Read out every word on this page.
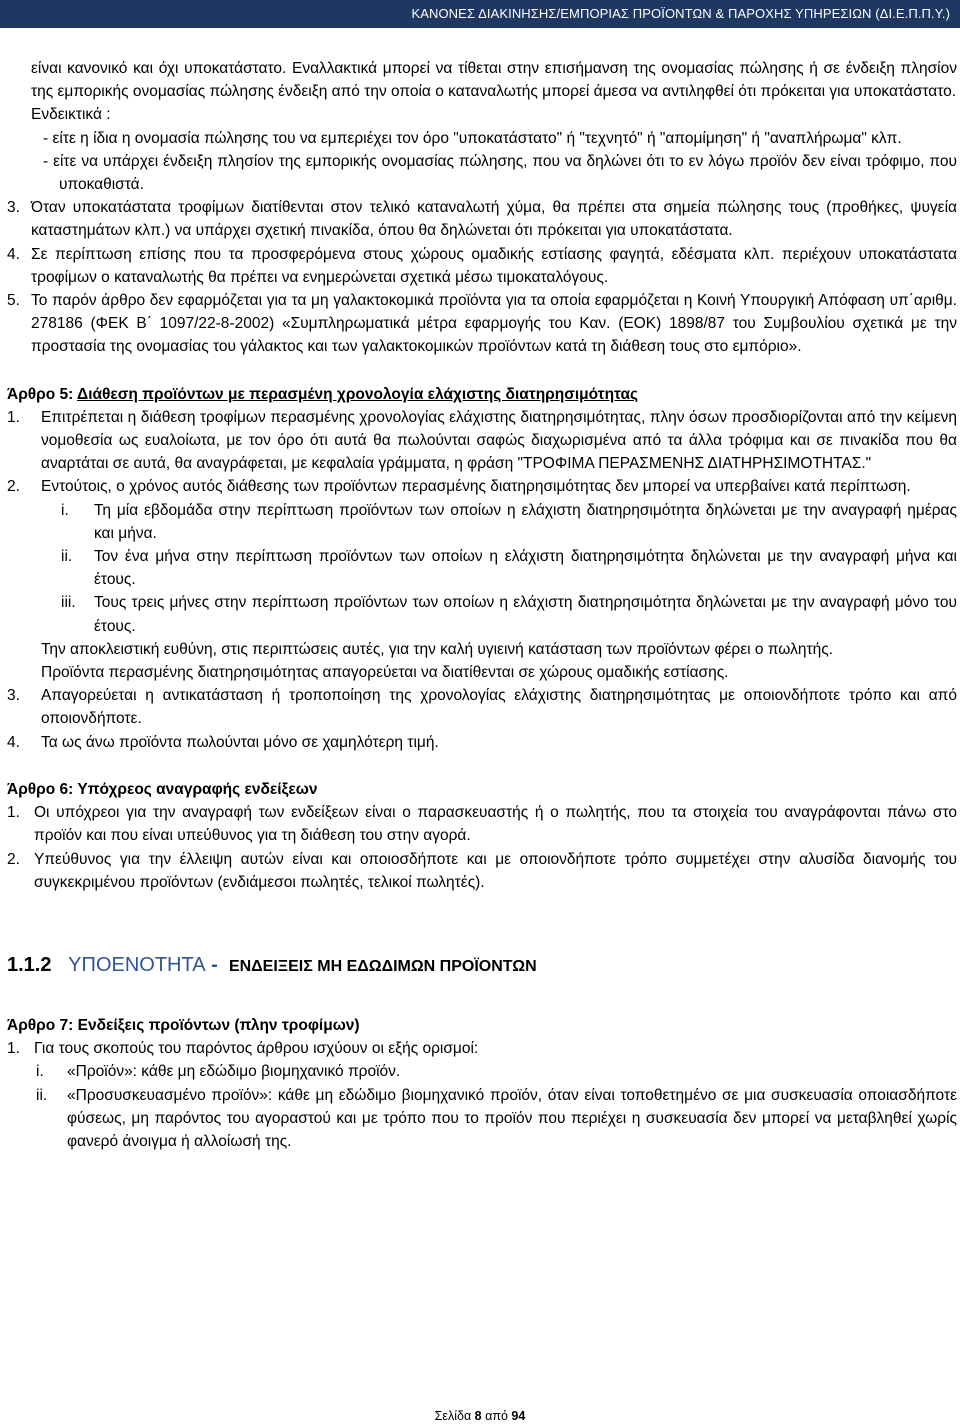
ΚΑΝΟΝΕΣ ΔΙΑΚΙΝΗΣΗΣ/ΕΜΠΟΡΙΑΣ ΠΡΟΪΟΝΤΩΝ & ΠΑΡΟΧΗΣ ΥΠΗΡΕΣΙΩΝ (ΔΙ.Ε.Π.Π.Υ.)

είναι κανονικό και όχι υποκατάστατο. Εναλλακτικά μπορεί να τίθεται στην επισήμανση της ονομασίας πώλησης ή σε ένδειξη πλησίον της εμπορικής ονομασίας πώλησης ένδειξη από την οποία ο καταναλωτής μπορεί άμεσα να αντιληφθεί ότι πρόκειται για υποκατάστατο.

Ενδεικτικά :

- είτε η ίδια η ονομασία πώλησης του να εμπεριέχει τον όρο "υποκατάστατο" ή "τεχνητό" ή "απομίμηση" ή "αναπλήρωμα" κλπ.

- είτε να υπάρχει ένδειξη πλησίον της εμπορικής ονομασίας πώλησης, που να δηλώνει ότι το εν λόγω προϊόν δεν είναι τρόφιμο, που υποκαθιστά.

3. Όταν υποκατάστατα τροφίμων διατίθενται στον τελικό καταναλωτή χύμα, θα πρέπει στα σημεία πώλησης τους (προθήκες, ψυγεία καταστημάτων κλπ.) να υπάρχει σχετική πινακίδα, όπου θα δηλώνεται ότι πρόκειται για υποκατάστατα.
4. Σε περίπτωση επίσης που τα προσφερόμενα στους χώρους ομαδικής εστίασης φαγητά, εδέσματα κλπ. περιέχουν υποκατάστατα τροφίμων ο καταναλωτής θα πρέπει να ενημερώνεται σχετικά μέσω τιμοκαταλόγους.
5. Το παρόν άρθρο δεν εφαρμόζεται για τα μη γαλακτοκομικά προϊόντα για τα οποία εφαρμόζεται η Κοινή Υπουργική Απόφαση υπ΄αριθμ. 278186 (ΦΕΚ Β΄ 1097/22-8-2002) «Συμπληρωματικά μέτρα εφαρμογής του Καν. (ΕΟΚ) 1898/87 του Συμβουλίου σχετικά με την προστασία της ονομασίας του γάλακτος και των γαλακτοκομικών προϊόντων κατά τη διάθεση τους στο εμπόριο».

Άρθρο 5: Διάθεση προϊόντων με περασμένη χρονολογία ελάχιστης διατηρησιμότητας

1. Επιτρέπεται η διάθεση τροφίμων περασμένης χρονολογίας ελάχιστης διατηρησιμότητας, πλην όσων προσδιορίζονται από την κείμενη νομοθεσία ως ευαλοίωτα, με τον όρο ότι αυτά θα πωλούνται σαφώς διαχωρισμένα από τα άλλα τρόφιμα και σε πινακίδα που θα αναρτάται σε αυτά, θα αναγράφεται, με κεφαλαία γράμματα, η φράση "ΤΡΟΦΙΜΑ ΠΕΡΑΣΜΕΝΗΣ ΔΙΑΤΗΡΗΣΙΜΟΤΗΤΑΣ."
2. Εντούτοις, ο χρόνος αυτός διάθεσης των προϊόντων περασμένης διατηρησιμότητας δεν μπορεί να υπερβαίνει κατά περίπτωση.
i. Τη μία εβδομάδα στην περίπτωση προϊόντων των οποίων η ελάχιστη διατηρησιμότητα δηλώνεται με την αναγραφή ημέρας και μήνα.
ii. Τον ένα μήνα στην περίπτωση προϊόντων των οποίων η ελάχιστη διατηρησιμότητα δηλώνεται με την αναγραφή μήνα και έτους.
iii. Τους τρεις μήνες στην περίπτωση προϊόντων των οποίων η ελάχιστη διατηρησιμότητα δηλώνεται με την αναγραφή μόνο του έτους.

Την αποκλειστική ευθύνη, στις περιπτώσεις αυτές, για την καλή υγιεινή κατάσταση των προϊόντων φέρει ο πωλητής.

Προϊόντα περασμένης διατηρησιμότητας απαγορεύεται να διατίθενται σε χώρους ομαδικής εστίασης.

3. Απαγορεύεται η αντικατάσταση ή τροποποίηση της χρονολογίας ελάχιστης διατηρησιμότητας με οποιονδήποτε τρόπο και από οποιονδήποτε.
4. Τα ως άνω προϊόντα πωλούνται μόνο σε χαμηλότερη τιμή.

Άρθρο 6: Υπόχρεος αναγραφής ενδείξεων

1. Οι υπόχρεοι για την αναγραφή των ενδείξεων είναι ο παρασκευαστής ή ο πωλητής, που τα στοιχεία του αναγράφονται πάνω στο προϊόν και που είναι υπεύθυνος για τη διάθεση του στην αγορά.
2. Υπεύθυνος για την έλλειψη αυτών είναι και οποιοσδήποτε και με οποιονδήποτε τρόπο συμμετέχει στην αλυσίδα διανομής του συγκεκριμένου προϊόντων (ενδιάμεσοι πωλητές, τελικοί πωλητές).
1.1.2 ΥΠΟΕΝΟΤΗΤΑ - ΕΝΔΕΙΞΕΙΣ ΜΗ ΕΔΩΔΙΜΩΝ ΠΡΟΪΟΝΤΩΝ

Άρθρο 7: Ενδείξεις προϊόντων (πλην τροφίμων)

1. Για τους σκοπούς του παρόντος άρθρου ισχύουν οι εξής ορισμοί:
i. «Προϊόν»: κάθε μη εδώδιμο βιομηχανικό προϊόν.
ii. «Προσυσκευασμένο προϊόν»: κάθε μη εδώδιμο βιομηχανικό προϊόν, όταν είναι τοποθετημένο σε μια συσκευασία οποιασδήποτε φύσεως, μη παρόντος του αγοραστού και με τρόπο που το προϊόν που περιέχει η συσκευασία δεν μπορεί να μεταβληθεί χωρίς φανερό άνοιγμα ή αλλοίωσή της.
Σελίδα 8 από 94
